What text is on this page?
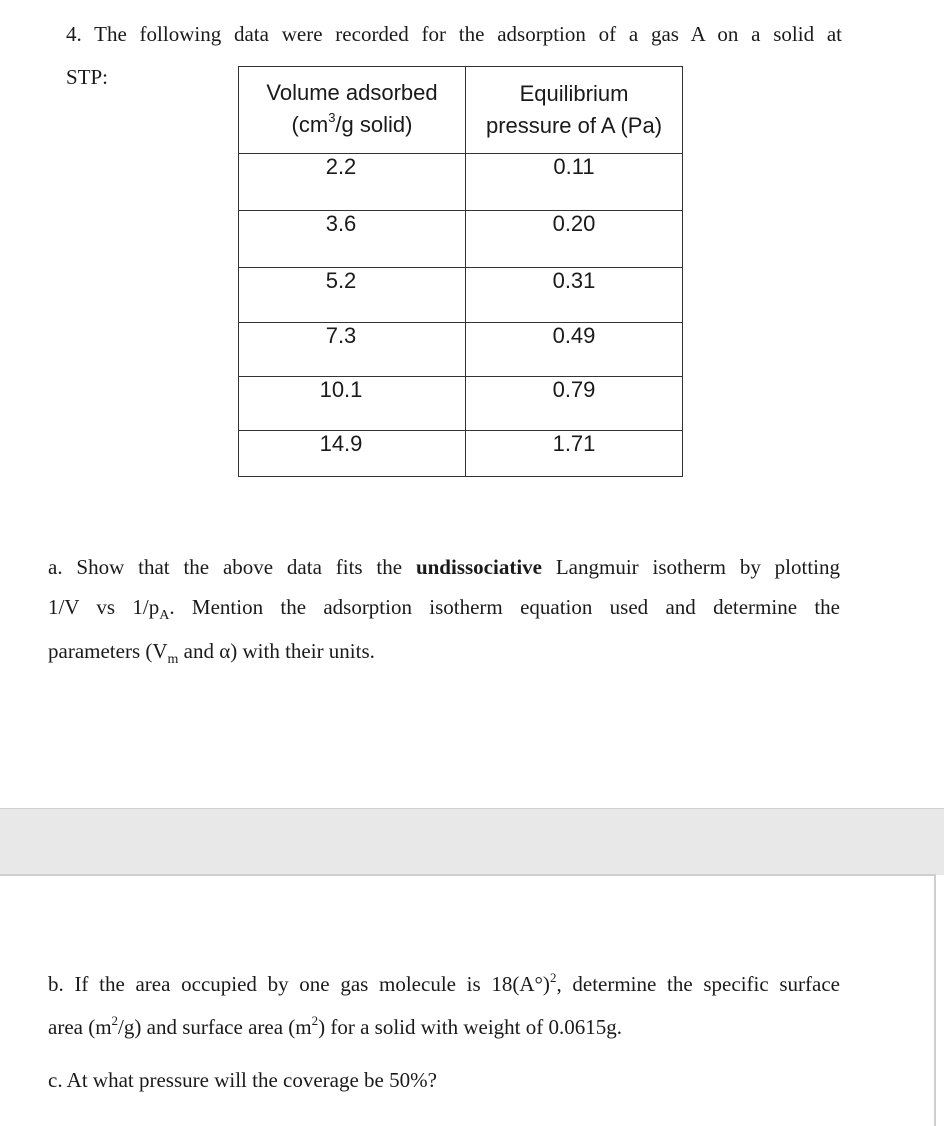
4. The following data were recorded for the adsorption of a gas A on a solid at
STP:
Volume adsorbed
($cm^3/g$ solid)	Equilibrium
pressure of A (Pa)
2.2	0.11
3.6	0.20
5.2	0.31
7.3	0.49
10.1	0.79
14.9	1.71
a. Show that the above data fits the undissociative Langmuir isotherm by plotting
1/V vs $1/p_A$. Mention the adsorption isotherm equation used and determine the
parameters ($V_m$ and α) with their units.
b. If the area occupied by one gas molecule is $18(A^\circ)^2$, determine the specific surface
area $(m^2/g)$ and surface area $(m^2)$ for a solid with weight of 0.0615g.
c. At what pressure will the coverage be 50%?
